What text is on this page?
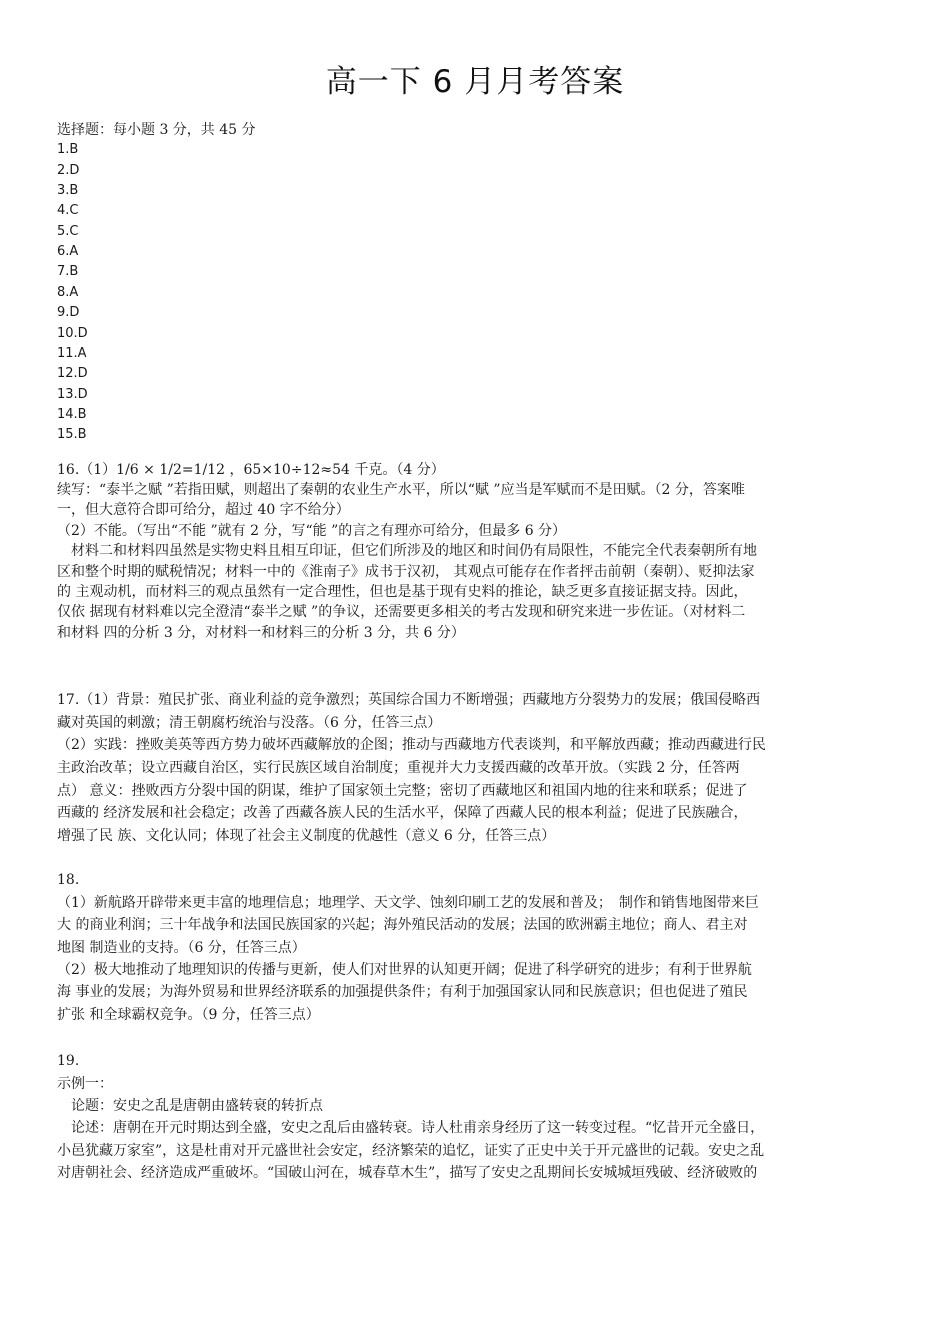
高一下 6 月月考答案
选择题：每小题 3 分，共 45 分
1.B
2.D
3.B
4.C
5.C
6.A
7.B
8.A
9.D
10.D
11.A
12.D
13.D
14.B
15.B
16.（1）1/6 × 1/2=1/12 ，65×10÷12≈54 千克。（4 分）
续写：“泰半之赋 ”若指田赋，则超出了秦朝的农业生产水平，所以“赋 ”应当是军赋而不是田赋。（2 分，答案唯
一，但大意符合即可给分，超过 40 字不给分）
（2）不能。（写出“不能 ”就有 2 分，写“能 ”的言之有理亦可给分，但最多 6 分）
　材料二和材料四虽然是实物史料且相互印证，但它们所涉及的地区和时间仍有局限性，不能完全代表秦朝所有地
区和整个时期的赋税情况；材料一中的《淮南子》成书于汉初， 其观点可能存在作者抨击前朝（秦朝）、贬抑法家
的 主观动机，而材料三的观点虽然有一定合理性，但也是基于现有史料的推论，缺乏更多直接证据支持。因此，
仅依 据现有材料难以完全澄清“泰半之赋 ”的争议，还需要更多相关的考古发现和研究来进一步佐证。（对材料二
和材料 四的分析 3 分，对材料一和材料三的分析 3 分，共 6 分）
17.（1）背景：殖民扩张、商业利益的竞争激烈；英国综合国力不断增强；西藏地方分裂势力的发展；俄国侵略西
藏对英国的刺激；清王朝腐朽统治与没落。（6 分，任答三点）
（2）实践：挫败美英等西方势力破坏西藏解放的企图；推动与西藏地方代表谈判，和平解放西藏；推动西藏进行民
主政治改革；设立西藏自治区，实行民族区域自治制度；重视并大力支援西藏的改革开放。（实践 2 分，任答两
点） 意义：挫败西方分裂中国的阴谋，维护了国家领土完整；密切了西藏地区和祖国内地的往来和联系；促进了
西藏的 经济发展和社会稳定；改善了西藏各族人民的生活水平，保障了西藏人民的根本利益；促进了民族融合，
增强了民 族、文化认同；体现了社会主义制度的优越性（意义 6 分，任答三点）
18.
（1）新航路开辟带来更丰富的地理信息；地理学、天文学、蚀刻印刷工艺的发展和普及；　制作和销售地图带来巨
大 的商业利润；三十年战争和法国民族国家的兴起；海外殖民活动的发展；法国的欧洲霸主地位；商人、君主对
地图 制造业的支持。（6 分，任答三点）
（2）极大地推动了地理知识的传播与更新，使人们对世界的认知更开阔；促进了科学研究的进步；有利于世界航
海 事业的发展；为海外贸易和世界经济联系的加强提供条件；有利于加强国家认同和民族意识；但也促进了殖民
扩张 和全球霸权竞争。（9 分，任答三点）
19.
示例一：
　论题：安史之乱是唐朝由盛转衰的转折点
　论述：唐朝在开元时期达到全盛，安史之乱后由盛转衰。诗人杜甫亲身经历了这一转变过程。“忆昔开元全盛日，
小邑犹藏万家室”，这是杜甫对开元盛世社会安定，经济繁荣的追忆，证实了正史中关于开元盛世的记载。安史之乱
对唐朝社会、经济造成严重破坏。“国破山河在，城春草木生”，描写了安史之乱期间长安城城垣残破、经济破败的
